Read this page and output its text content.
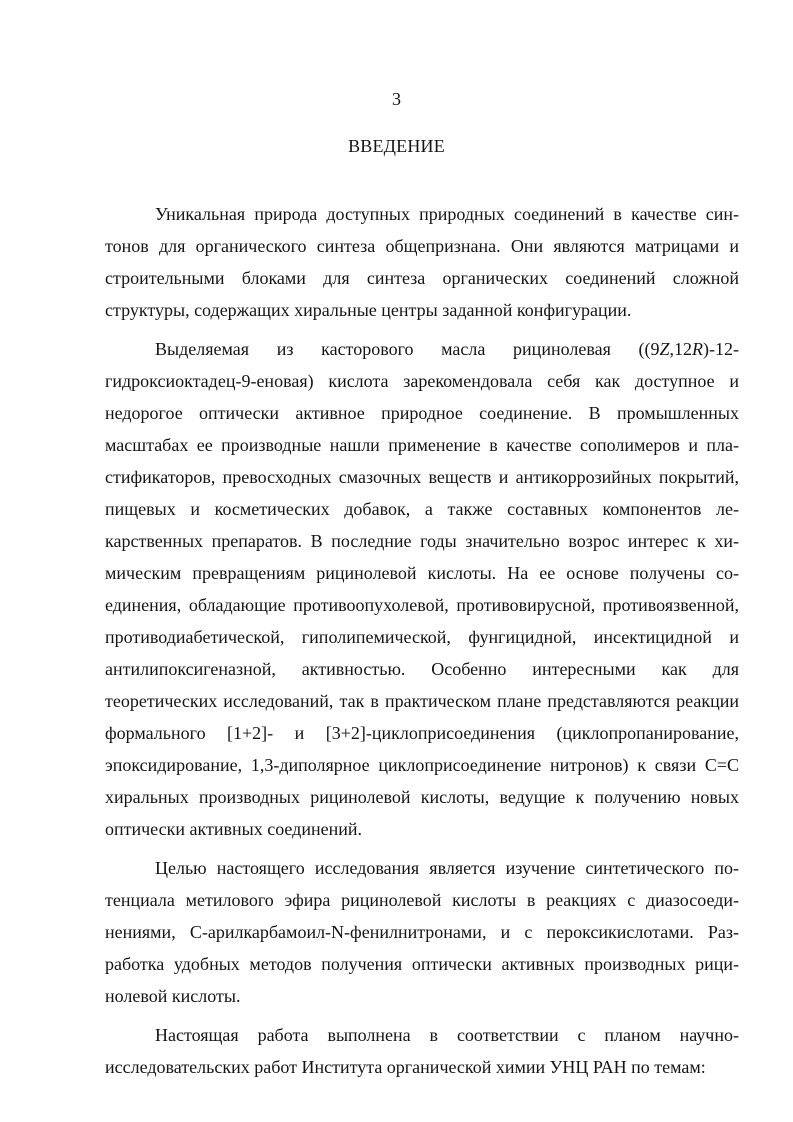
3

ВВЕДЕНИЕ

Уникальная природа доступных природных соединений в качестве синтонов для органического синтеза общепризнана. Они являются матрицами и строительными блоками для синтеза органических соединений сложной структуры, содержащих хиральные центры заданной конфигурации.

Выделяемая из касторового масла рицинолевая ((9Z,12R)-12-гидроксиоктадец-9-еновая) кислота зарекомендовала себя как доступное и недорогое оптически активное природное соединение. В промышленных масштабах ее производные нашли применение в качестве сополимеров и пластификаторов, превосходных смазочных веществ и антикоррозийных покрытий, пищевых и косметических добавок, а также составных компонентов лекарственных препаратов. В последние годы значительно возрос интерес к химическим превращениям рицинолевой кислоты. На ее основе получены соединения, обладающие противоопухолевой, противовирусной, противоязвенной, противодиабетической, гиполипемической, фунгицидной, инсектицидной и антилипоксигеназной, активностью. Особенно интересными как для теоретических исследований, так в практическом плане представляются реакции формального [1+2]- и [3+2]-циклоприсоединения (циклопропанирование, эпоксидирование, 1,3-диполярное циклоприсоединение нитронов) к связи С=С хиральных производных рицинолевой кислоты, ведущие к получению новых оптически активных соединений.

Целью настоящего исследования является изучение синтетического потенциала метилового эфира рицинолевой кислоты в реакциях с диазосоединениями, С-арилкарбамоил-N-фенилнитронами, и с пероксикислотами. Разработка удобных методов получения оптически активных производных рицинолевой кислоты.

Настоящая работа выполнена в соответствии с планом научно-исследовательских работ Института органической химии УНЦ РАН по темам:
